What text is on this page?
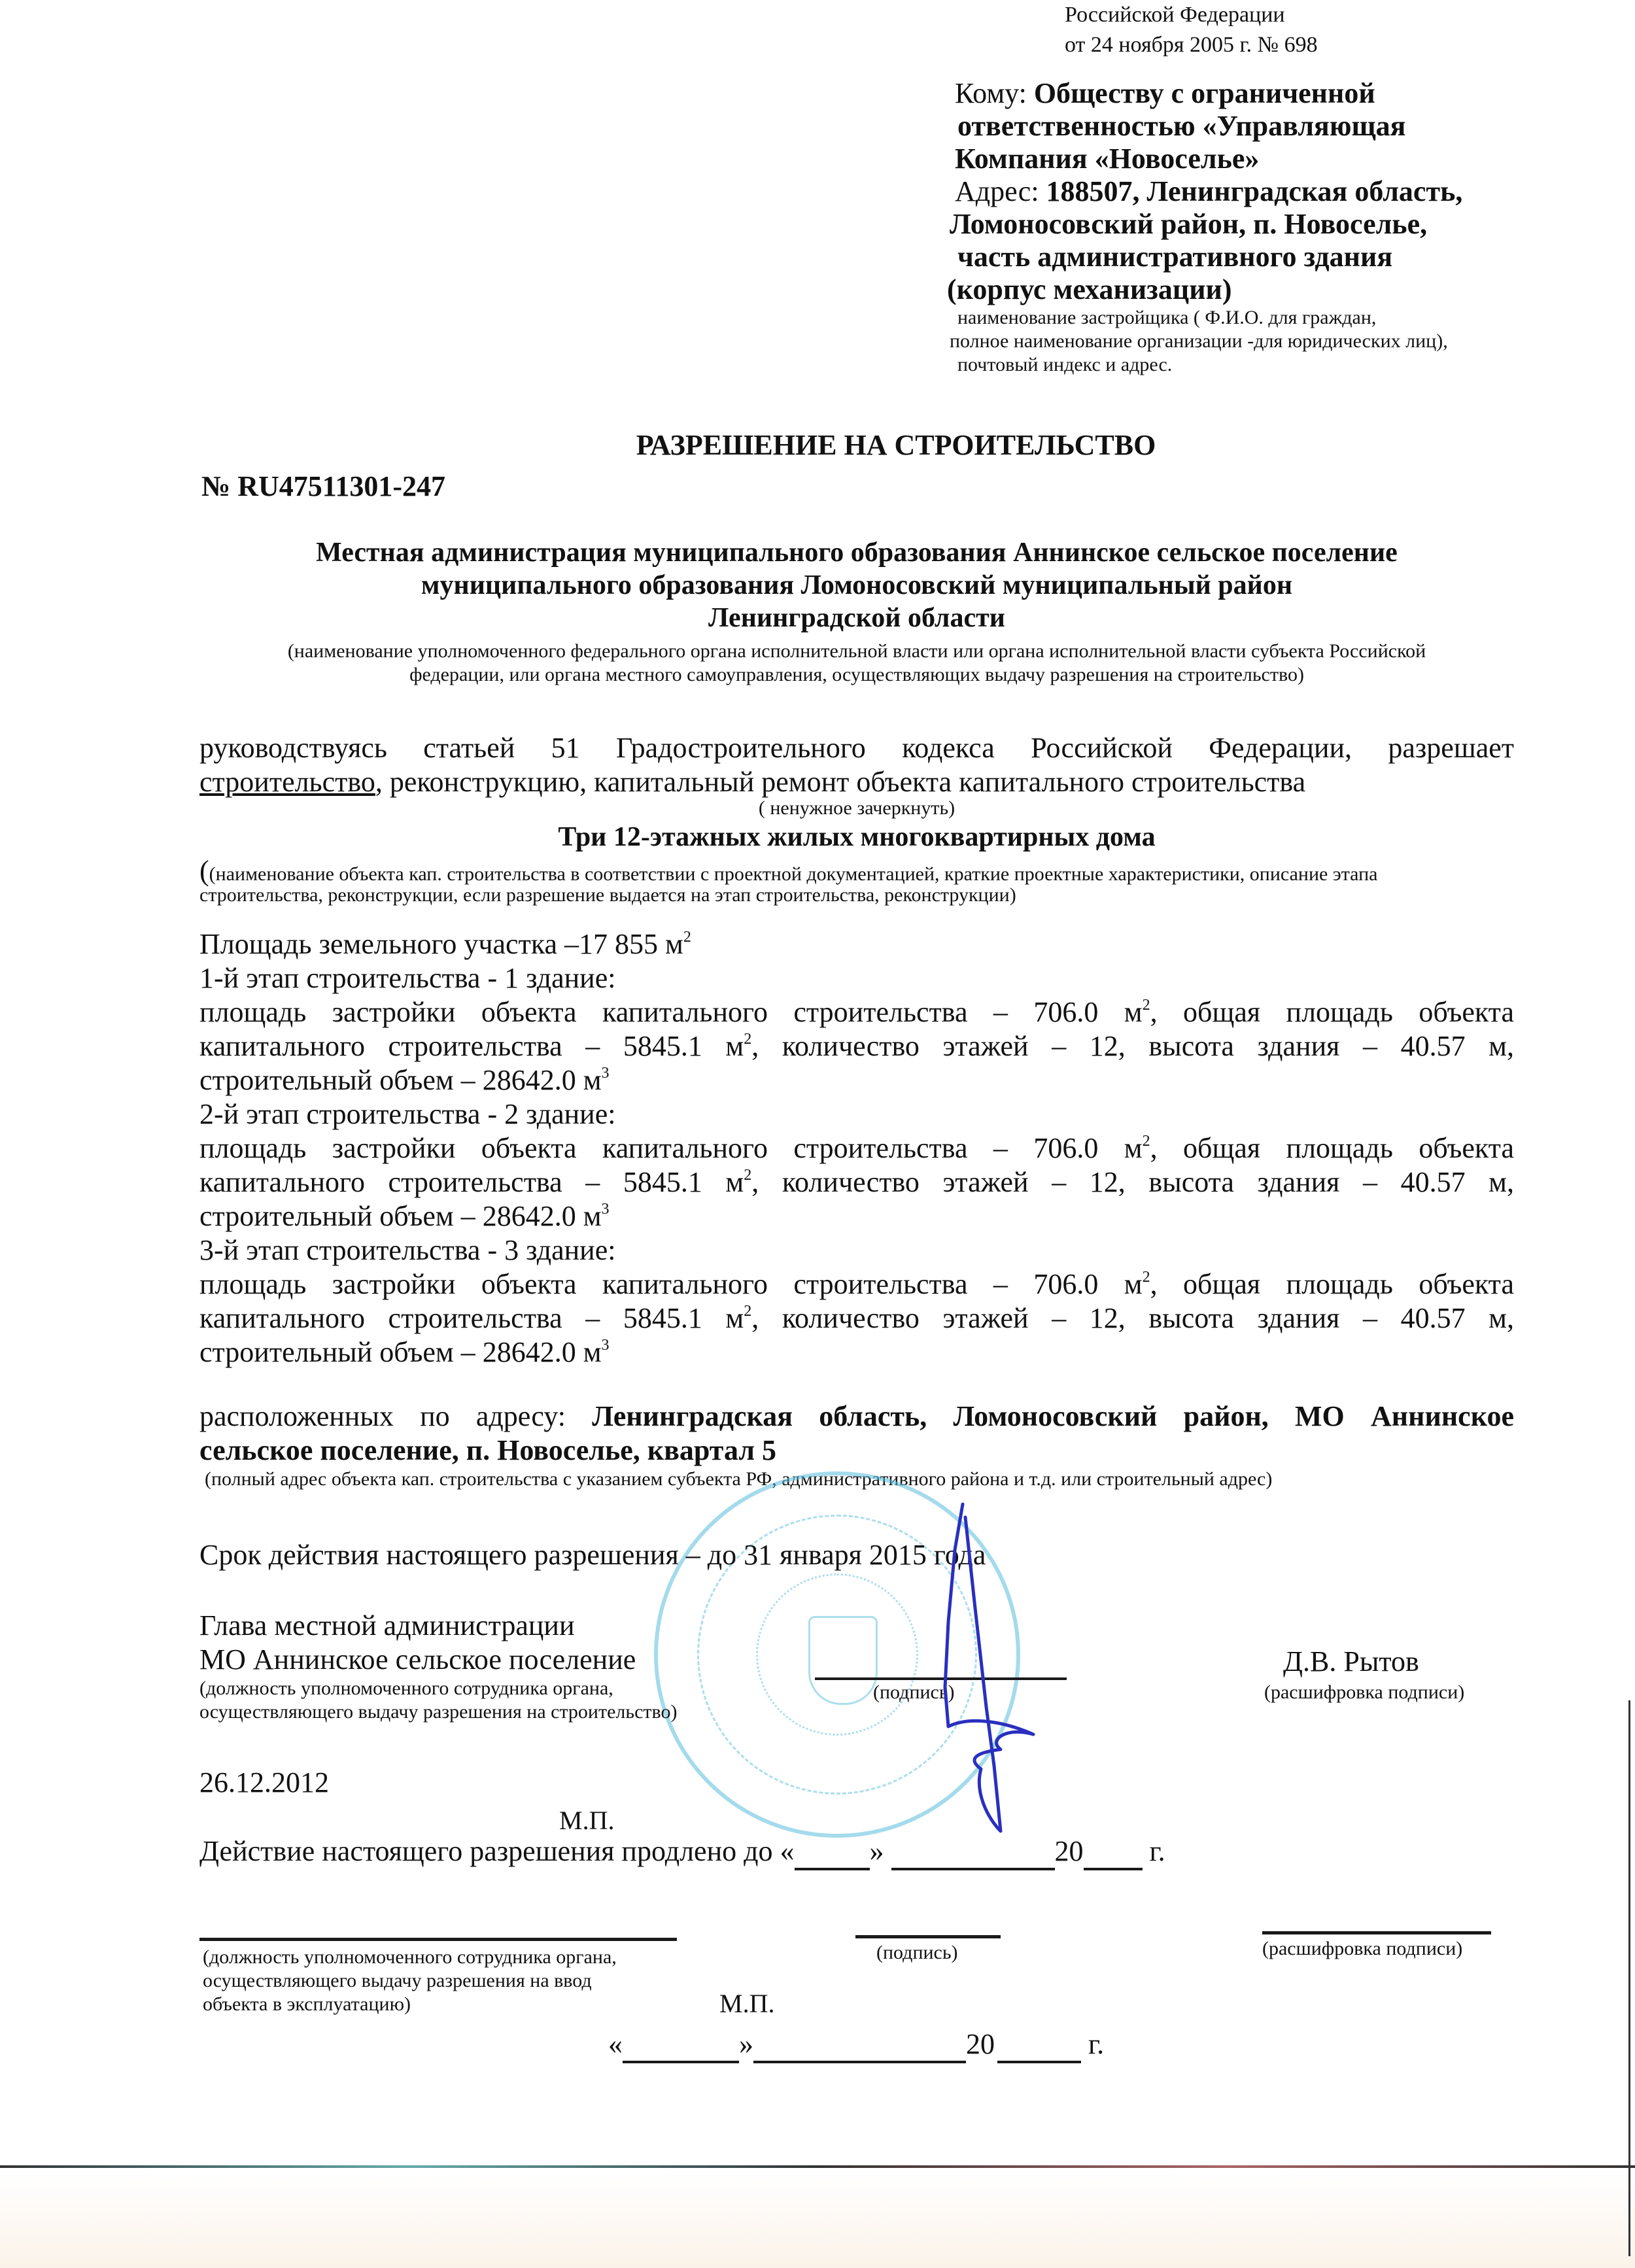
Российской Федерации
от 24 ноября 2005 г. № 698
Кому: Обществу с ограниченной
ответственностью «Управляющая
Компания «Новоселье»
Адрес: 188507, Ленинградская область,
Ломоносовский район, п. Новоселье,
часть административного здания
(корпус механизации)
наименование застройщика ( Ф.И.О. для граждан,
полное наименование организации -для юридических лиц),
почтовый индекс и адрес.
РАЗРЕШЕНИЕ НА СТРОИТЕЛЬСТВО
№ RU47511301-247
Местная администрация муниципального образования Аннинское сельское поселение
муниципального образования Ломоносовский муниципальный район
Ленинградской области
(наименование уполномоченного федерального органа исполнительной власти или органа исполнительной власти субъекта Российской
федерации, или органа местного самоуправления, осуществляющих выдачу разрешения на строительство)
руководствуясь статьей 51 Градостроительного кодекса Российской Федерации, разрешает
строительство, реконструкцию, капитальный ремонт объекта капитального строительства
( ненужное зачеркнуть)
Три 12-этажных жилых многоквартирных дома
((наименование объекта кап. строительства в соответствии с проектной документацией, краткие проектные характеристики, описание этапа
строительства, реконструкции, если разрешение выдается на этап строительства, реконструкции)
Площадь земельного участка –17 855 $м^2$
1-й этап строительства - 1 здание:
площадь застройки объекта капитального строительства – 706.0 $м^2$, общая площадь объекта
капитального строительства – 5845.1 $м^2$, количество этажей – 12, высота здания – 40.57 м,
строительный объем – 28642.0 $м^3$
2-й этап строительства - 2 здание:
площадь застройки объекта капитального строительства – 706.0 $м^2$, общая площадь объекта
капитального строительства – 5845.1 $м^2$, количество этажей – 12, высота здания – 40.57 м,
строительный объем – 28642.0 $м^3$
3-й этап строительства - 3 здание:
площадь застройки объекта капитального строительства – 706.0 $м^2$, общая площадь объекта
капитального строительства – 5845.1 $м^2$, количество этажей – 12, высота здания – 40.57 м,
строительный объем – 28642.0 $м^3$
расположенных по адресу: Ленинградская область, Ломоносовский район, МО Аннинское
сельское поселение, п. Новоселье, квартал 5
(полный адрес объекта кап. строительства с указанием субъекта РФ, административного района и т.д. или строительный адрес)
Срок действия настоящего разрешения – до 31 января 2015 года
Глава местной администрации
МО Аннинское сельское поселение
(должность уполномоченного сотрудника органа,
осуществляющего выдачу разрешения на строительство)
(подпись)
Д.В. Рытов
(расшифровка подписи)
26.12.2012
М.П.
Действие настоящего разрешения продлено до «	»	20 г.
(должность уполномоченного сотрудника органа,
осуществляющего выдачу разрешения на ввод
объекта в эксплуатацию)
(подпись)	(расшифровка подписи)
М.П.
«	»	20	г.
